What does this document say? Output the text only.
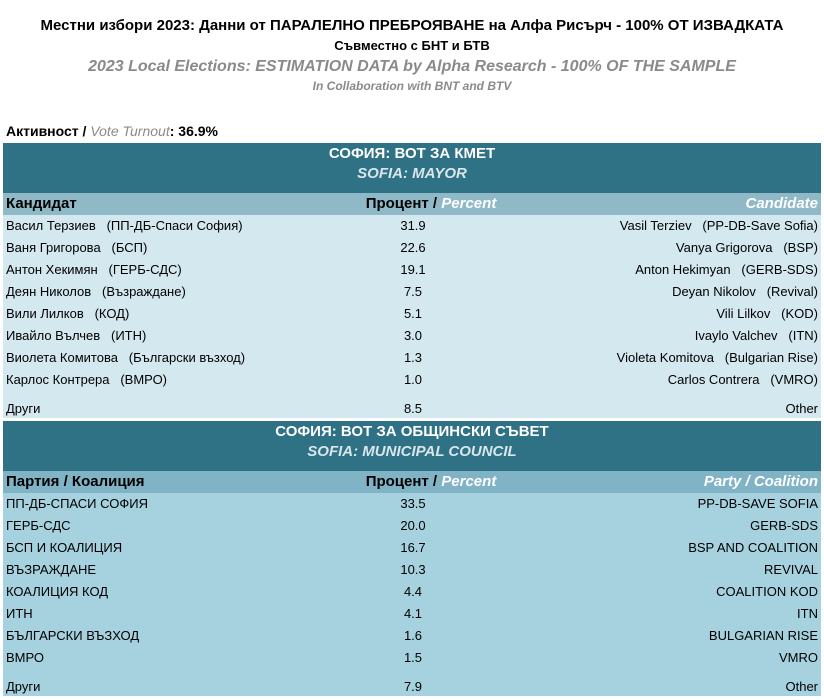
Местни избори 2023: Данни от ПАРАЛЕЛНО ПРЕБРОЯВАНЕ на Алфа Рисърч - 100% ОТ ИЗВАДКАТА
Съвместно с БНТ и БТВ
2023 Local Elections: ESTIMATION DATA by Alpha Research - 100% OF THE SAMPLE
In Collaboration with BNT and BTV
Активност / Vote Turnout: 36.9%
СОФИЯ: ВОТ ЗА КМЕТ
SOFIA: MAYOR
Кандидат	Процент / Percent	Candidate
Васил Терзиев   (ПП-ДБ-Спаси София)	31.9	Vasil Terziev   (PP-DB-Save Sofia)
Ваня Григорова   (БСП)	22.6	Vanya Grigorova   (BSP)
Антон Хекимян   (ГЕРБ-СДС)	19.1	Anton Hekimyan   (GERB-SDS)
Деян Николов   (Възраждане)	7.5	Deyan Nikolov   (Revival)
Вили Лилков   (КОД)	5.1	Vili Lilkov   (KOD)
Ивайло Вълчев   (ИТН)	3.0	Ivaylo Valchev   (ITN)
Виолета Комитова   (Български възход)	1.3	Violeta Komitova   (Bulgarian Rise)
Карлос Контрера   (ВМРО)	1.0	Carlos Contrera   (VMRO)
Други	8.5	Other
СОФИЯ: ВОТ ЗА ОБЩИНСКИ СЪВЕТ
SOFIA: MUNICIPAL COUNCIL
Партия / Коалиция	Процент / Percent	Party / Coalition
ПП-ДБ-СПАСИ СОФИЯ	33.5	PP-DB-SAVE SOFIA
ГЕРБ-СДС	20.0	GERB-SDS
БСП И КОАЛИЦИЯ	16.7	BSP AND COALITION
ВЪЗРАЖДАНЕ	10.3	REVIVAL
КОАЛИЦИЯ КОД	4.4	COALITION KOD
ИТН	4.1	ITN
БЪЛГАРСКИ ВЪЗХОД	1.6	BULGARIAN RISE
ВМРО	1.5	VMRO
Други	7.9	Other
